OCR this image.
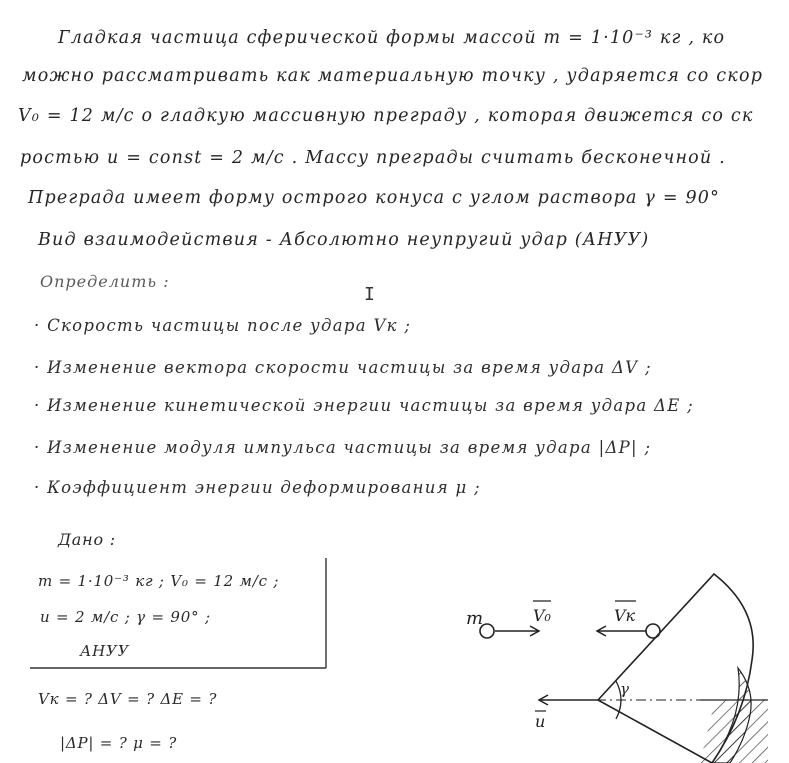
Гладкая частица сферической формы массой m = 1·10⁻³ кг , ко
можно рассматривать как материальную точку , ударяется со скор
V₀ = 12 м/с о гладкую массивную преграду , которая движется со ск
ростью u = const = 2 м/с . Массу преграды считать бесконечной .
Преграда имеет форму острого конуса с углом раствора γ = 90°
Вид взаимодействия - Абсолютно неупругий удар (АНУУ)
Определить :
· Скорость частицы после удара Vк ;
· Изменение вектора скорости частицы за время удара ΔV ;
· Изменение кинетической энергии частицы за время удара ΔE ;
· Изменение модуля импульса частицы за время удара |ΔP| ;
· Коэффициент энергии деформирования μ ;
I
Дано :
m = 1·10⁻³ кг ; V₀ = 12 м/с ;
u = 2 м/с ; γ = 90° ;
АНУУ
Vк = ? ΔV = ? ΔE = ?
|ΔP| = ? μ = ?
m	V₀	Vк
γ
u
